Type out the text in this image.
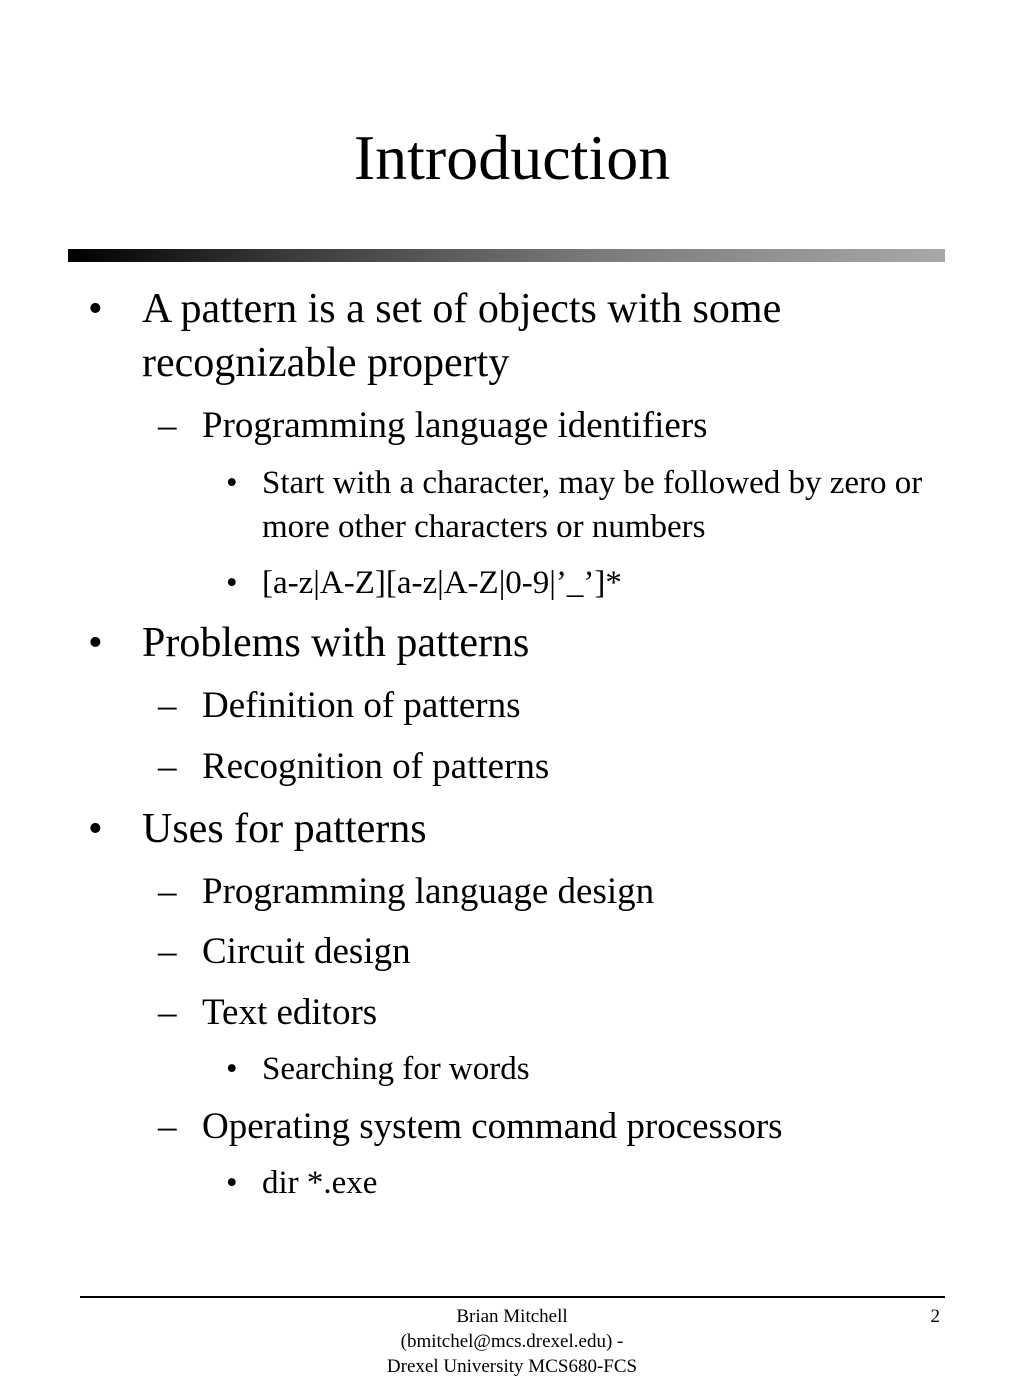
Introduction
• A pattern is a set of objects with some recognizable property
– Programming language identifiers
• Start with a character, may be followed by zero or more other characters or numbers
• [a-z|A-Z][a-z|A-Z|0-9|’_’]*
• Problems with patterns
– Definition of patterns
– Recognition of patterns
• Uses for patterns
– Programming language design
– Circuit design
– Text editors
• Searching for words
– Operating system command processors
• dir *.exe
Brian Mitchell
(bmitchel@mcs.drexel.edu) -
Drexel University MCS680-FCS
2
